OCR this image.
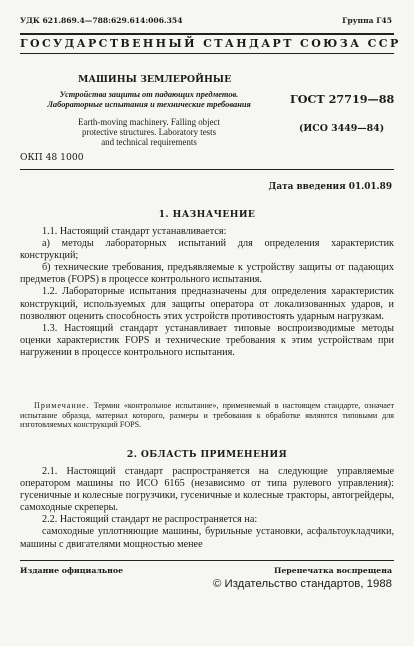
УДК 621.869.4—788:629.614:006.354	Группа Г45
ГОСУДАРСТВЕННЫЙ СТАНДАРТ СОЮЗА ССР
МАШИНЫ ЗЕМЛЕРОЙНЫЕ
Устройства защиты от падающих предметов.
Лабораторные испытания и технические требования
Earth-moving machinery. Falling object
protective structures. Laboratory tests
and technical requirements
ГОСТ 27719—88
(ИСО 3449—84)
ОКП 48 1000
Дата введения 01.01.89
1. НАЗНАЧЕНИЕ

1.1. Настоящий стандарт устанавливается:

а) методы лабораторных испытаний для определения характеристик конструкций;

б) технические требования, предъявляемые к устройству защиты от падающих предметов (FOPS) в процессе контрольного испытания.

1.2. Лабораторные испытания предназначены для определения характеристик конструкций, используемых для защиты оператора от локализованных ударов, и позволяют оценить способность этих устройств противостоять ударным нагрузкам.

1.3. Настоящий стандарт устанавливает типовые воспроизводимые методы оценки характеристик FOPS и технические требования к этим устройствам при нагружении в процессе контрольного испытания.

Примечание. Термин «контрольное испытание», применяемый в настоящем стандарте, означает испытание образца, материал которого, размеры и требования к обработке являются типовыми для изготовляемых конструкций FOPS.

2. ОБЛАСТЬ ПРИМЕНЕНИЯ

2.1. Настоящий стандарт распространяется на следующие управляемые оператором машины по ИСО 6165 (независимо от типа рулевого управления): гусеничные и колесные погрузчики, гусеничные и колесные тракторы, автогрейдеры, самоходные скреперы.

2.2. Настоящий стандарт не распространяется на:

самоходные уплотняющие машины, бурильные установки, асфальтоукладчики, машины с двигателями мощностью менее

Издание официальное	Перепечатка воспрещена
© Издательство стандартов, 1988
